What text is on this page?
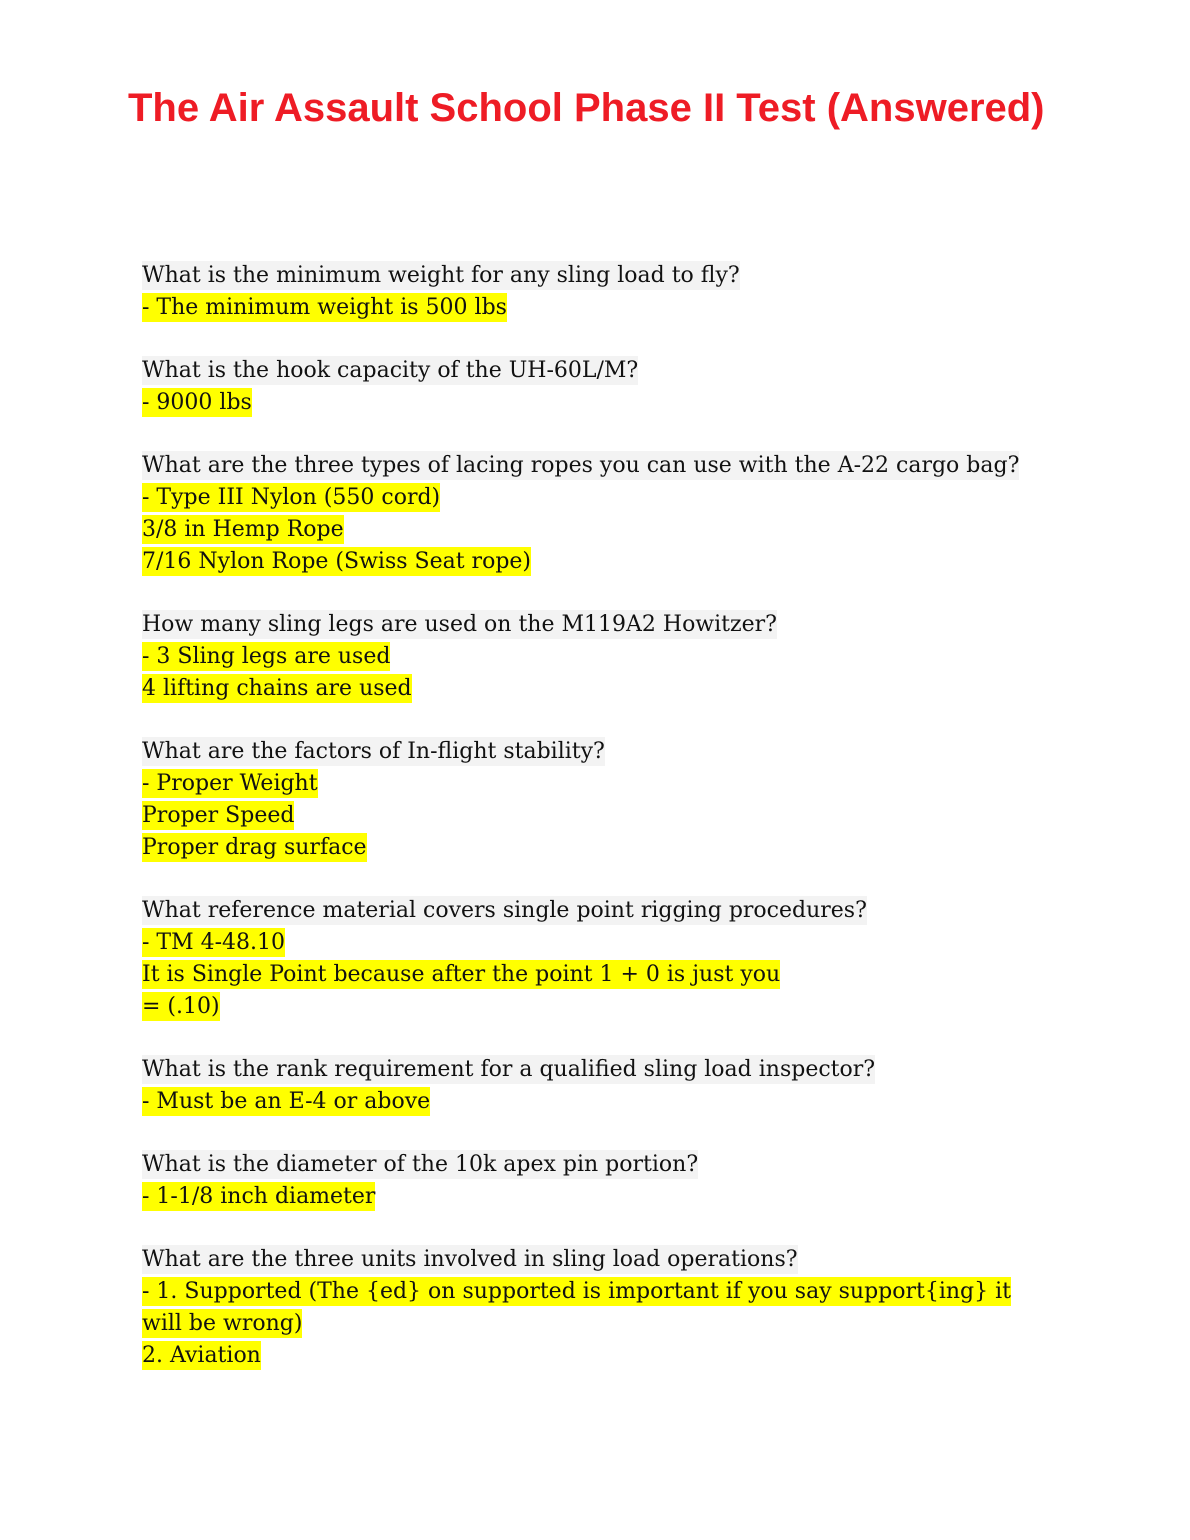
The Air Assault School Phase II Test (Answered)
What is the minimum weight for any sling load to fly?
- The minimum weight is 500 lbs
What is the hook capacity of the UH-60L/M?
- 9000 lbs
What are the three types of lacing ropes you can use with the A-22 cargo bag?
- Type III Nylon (550 cord)
3/8 in Hemp Rope
7/16 Nylon Rope (Swiss Seat rope)
How many sling legs are used on the M119A2 Howitzer?
- 3 Sling legs are used
4 lifting chains are used
What are the factors of In-flight stability?
- Proper Weight
Proper Speed
Proper drag surface
What reference material covers single point rigging procedures?
- TM 4-48.10
It is Single Point because after the point 1 + 0 is just you
= (.10)
What is the rank requirement for a qualified sling load inspector?
- Must be an E-4 or above
What is the diameter of the 10k apex pin portion?
- 1-1/8 inch diameter
What are the three units involved in sling load operations?
- 1. Supported (The {ed} on supported is important if you say support{ing} it
will be wrong)
2. Aviation
